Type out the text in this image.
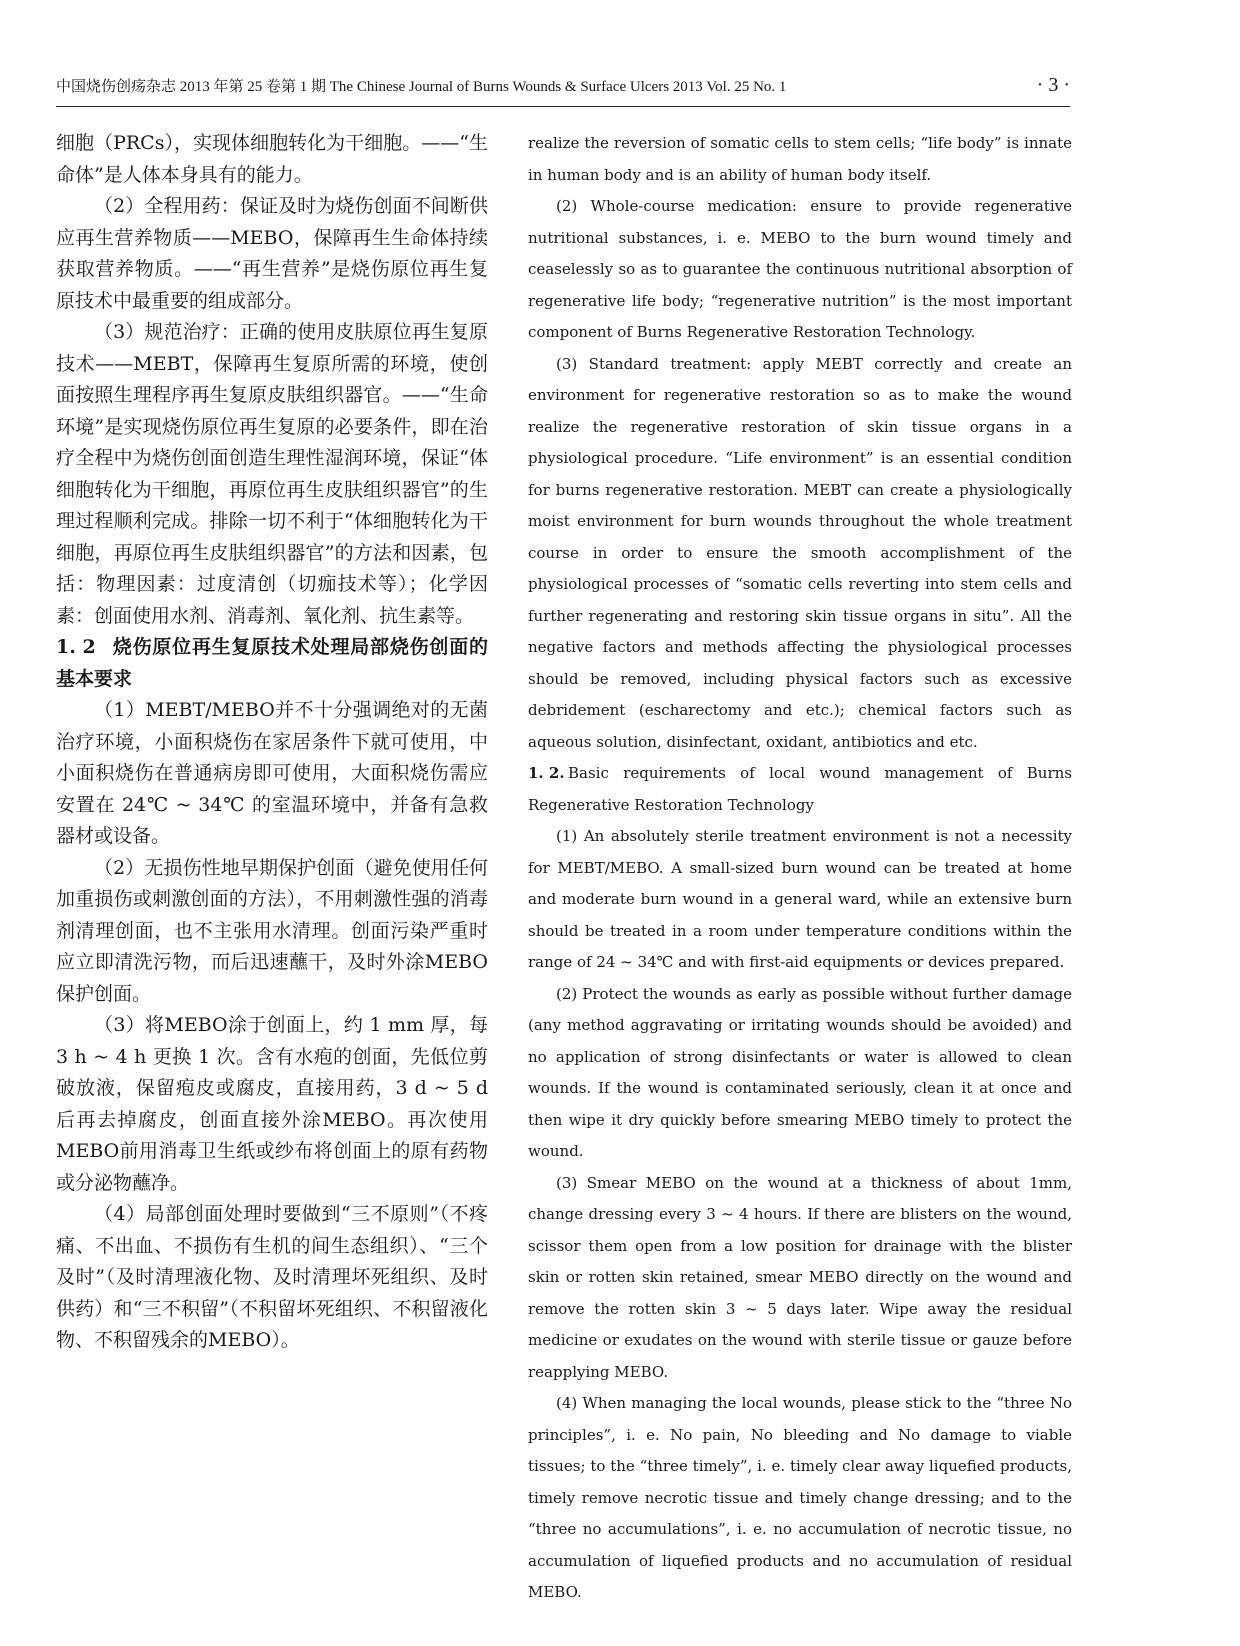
中国烧伤创疡杂志 2013 年第 25 卷第 1 期 The Chinese Journal of Burns Wounds & Surface Ulcers 2013 Vol. 25 No. 1	· 3 ·

细胞（PRCs），实现体细胞转化为干细胞。——“生命体”是人体本身具有的能力。

（2）全程用药：保证及时为烧伤创面不间断供应再生营养物质——MEBO，保障再生生命体持续获取营养物质。——“再生营养”是烧伤原位再生复原技术中最重要的组成部分。

（3）规范治疗：正确的使用皮肤原位再生复原技术——MEBT，保障再生复原所需的环境，使创面按照生理程序再生复原皮肤组织器官。——“生命环境”是实现烧伤原位再生复原的必要条件，即在治疗全程中为烧伤创面创造生理性湿润环境，保证“体细胞转化为干细胞，再原位再生皮肤组织器官”的生理过程顺利完成。排除一切不利于“体细胞转化为干细胞，再原位再生皮肤组织器官”的方法和因素，包括：物理因素：过度清创（切痂技术等）；化学因素：创面使用水剂、消毒剂、氧化剂、抗生素等。

1. 2 烧伤原位再生复原技术处理局部烧伤创面的基本要求

（1）MEBT/MEBO并不十分强调绝对的无菌治疗环境，小面积烧伤在家居条件下就可使用，中小面积烧伤在普通病房即可使用，大面积烧伤需应安置在 24℃ ~ 34℃ 的室温环境中，并备有急救器材或设备。

（2）无损伤性地早期保护创面（避免使用任何加重损伤或刺激创面的方法），不用刺激性强的消毒剂清理创面，也不主张用水清理。创面污染严重时应立即清洗污物，而后迅速蘸干，及时外涂MEBO保护创面。

（3）将MEBO涂于创面上，约 1 mm 厚，每 3 h ~ 4 h 更换 1 次。含有水疱的创面，先低位剪破放液，保留疱皮或腐皮，直接用药，3 d ~ 5 d 后再去掉腐皮，创面直接外涂MEBO。再次使用MEBO前用消毒卫生纸或纱布将创面上的原有药物或分泌物蘸净。

（4）局部创面处理时要做到“三不原则”（不疼痛、不出血、不损伤有生机的间生态组织）、“三个及时”（及时清理液化物、及时清理坏死组织、及时供药）和“三不积留”（不积留坏死组织、不积留液化物、不积留残余的MEBO）。

realize the reversion of somatic cells to stem cells; “life body” is innate in human body and is an ability of human body itself.

(2) Whole-course medication: ensure to provide regenerative nutritional substances, i. e. MEBO to the burn wound timely and ceaselessly so as to guarantee the continuous nutritional absorption of regenerative life body; “regenerative nutrition” is the most important component of Burns Regenerative Restoration Technology.

(3) Standard treatment: apply MEBT correctly and create an environment for regenerative restoration so as to make the wound realize the regenerative restoration of skin tissue organs in a physiological procedure. “Life environment” is an essential condition for burns regenerative restoration. MEBT can create a physiologically moist environment for burn wounds throughout the whole treatment course in order to ensure the smooth accomplishment of the physiological processes of “somatic cells reverting into stem cells and further regenerating and restoring skin tissue organs in situ”. All the negative factors and methods affecting the physiological processes should be removed, including physical factors such as excessive debridement (escharectomy and etc.); chemical factors such as aqueous solution, disinfectant, oxidant, antibiotics and etc.

1. 2. Basic requirements of local wound management of Burns Regenerative Restoration Technology

(1) An absolutely sterile treatment environment is not a necessity for MEBT/MEBO. A small-sized burn wound can be treated at home and moderate burn wound in a general ward, while an extensive burn should be treated in a room under temperature conditions within the range of 24 ~ 34℃ and with first-aid equipments or devices prepared.

(2) Protect the wounds as early as possible without further damage (any method aggravating or irritating wounds should be avoided) and no application of strong disinfectants or water is allowed to clean wounds. If the wound is contaminated seriously, clean it at once and then wipe it dry quickly before smearing MEBO timely to protect the wound.

(3) Smear MEBO on the wound at a thickness of about 1mm, change dressing every 3 ~ 4 hours. If there are blisters on the wound, scissor them open from a low position for drainage with the blister skin or rotten skin retained, smear MEBO directly on the wound and remove the rotten skin 3 ~ 5 days later. Wipe away the residual medicine or exudates on the wound with sterile tissue or gauze before reapplying MEBO.

(4) When managing the local wounds, please stick to the “three No principles”, i. e. No pain, No bleeding and No damage to viable tissues; to the “three timely”, i. e. timely clear away liquefied products, timely remove necrotic tissue and timely change dressing; and to the “three no accumulations”, i. e. no accumulation of necrotic tissue, no accumulation of liquefied products and no accumulation of residual MEBO.
